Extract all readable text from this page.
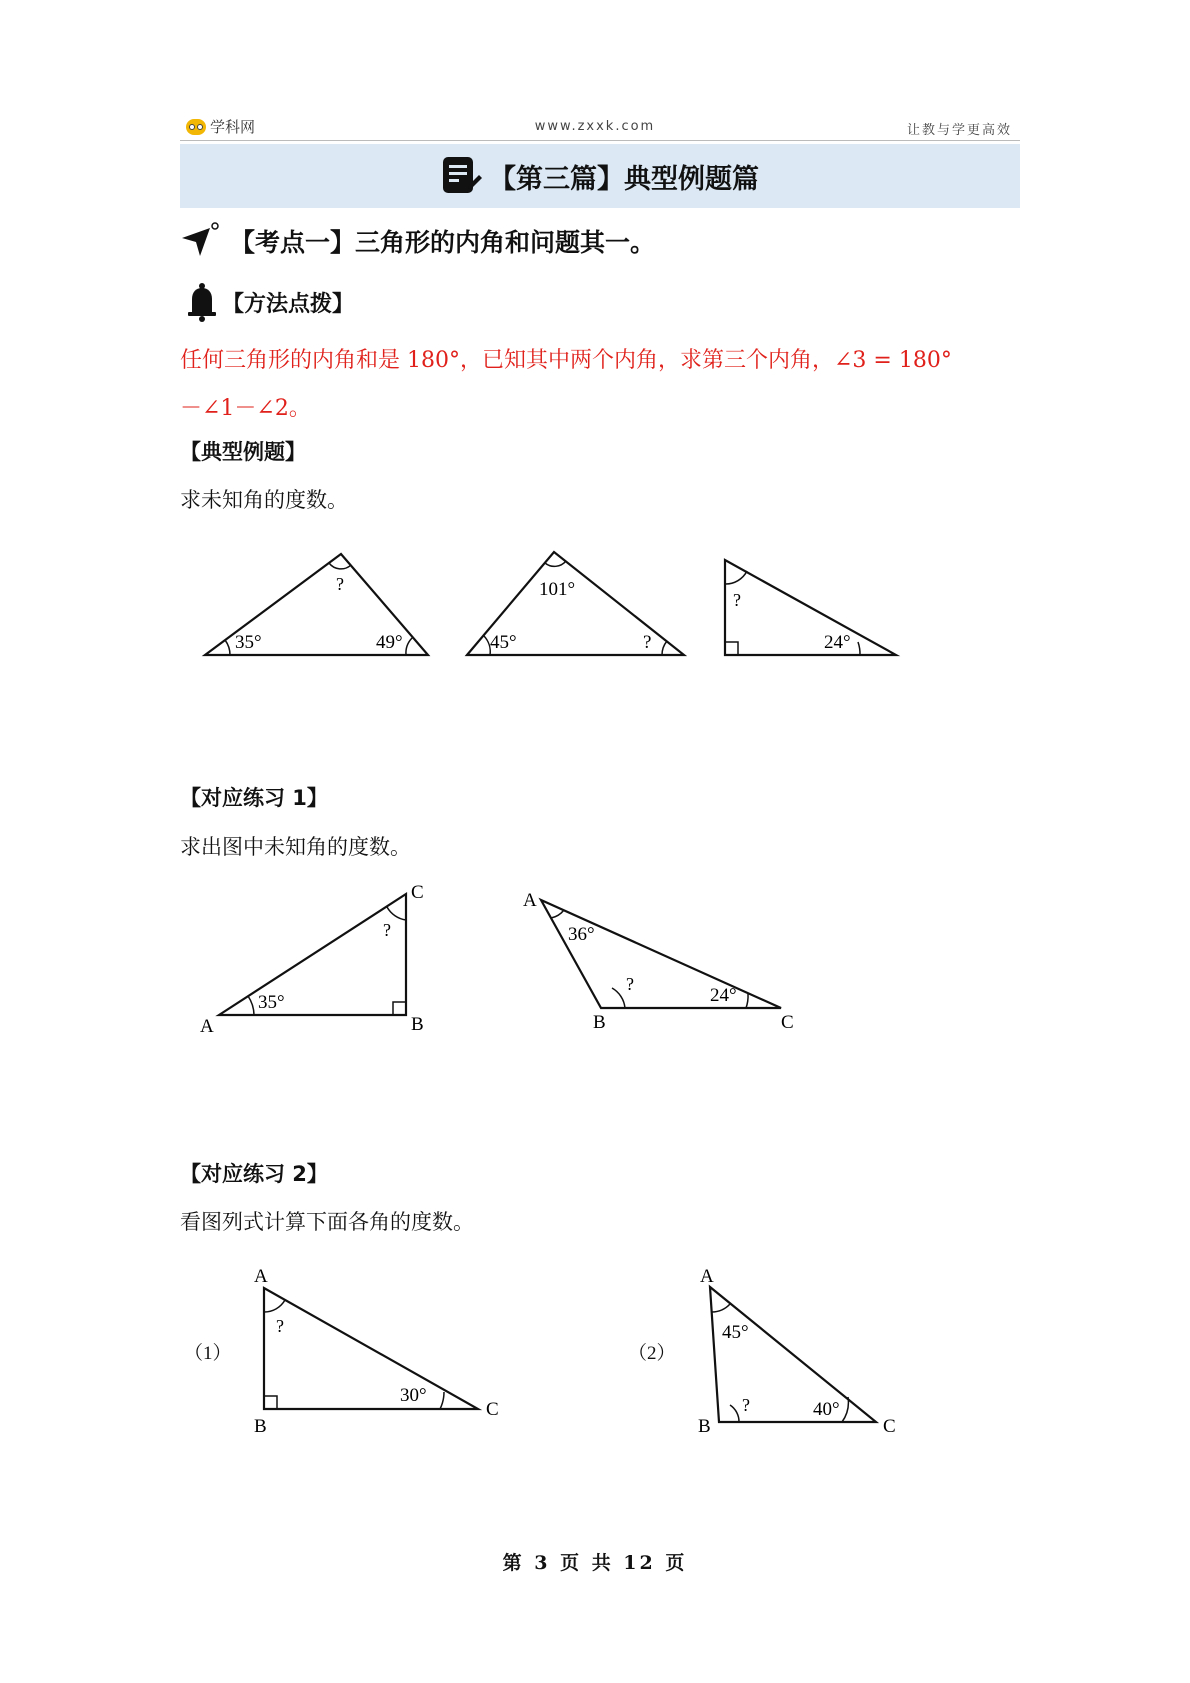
学科网	www.zxxk.com	让教与学更高效
【第三篇】典型例题篇
【考点一】三角形的内角和问题其一。
【方法点拨】
任何三角形的内角和是 180°，已知其中两个内角，求第三个内角，∠3 = 180°
－∠1－∠2。
【典型例题】
求未知角的度数。
?
35°	49°
101°
45°	?
?
24°
【对应练习 1】
求出图中未知角的度数。
35°
?
A	B
C
36°
?
24°
A
B	C
【对应练习 2】
看图列式计算下面各角的度数。
（1）	（2）
?
30°
A
B
C
45°
?	40°
A
B	C
第 3 页 共 12 页
